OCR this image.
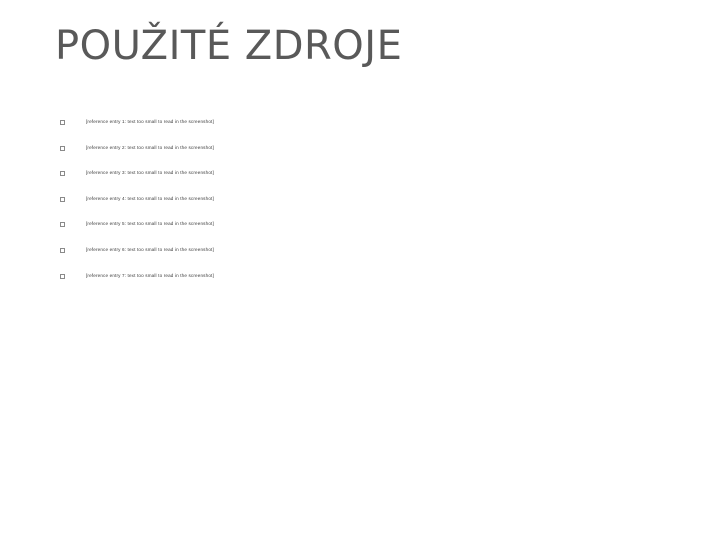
POUŽITÉ ZDROJE
[reference entry 1: text too small to read in the screenshot]
[reference entry 2: text too small to read in the screenshot]
[reference entry 3: text too small to read in the screenshot]
[reference entry 4: text too small to read in the screenshot]
[reference entry 5: text too small to read in the screenshot]
[reference entry 6: text too small to read in the screenshot]
[reference entry 7: text too small to read in the screenshot]
